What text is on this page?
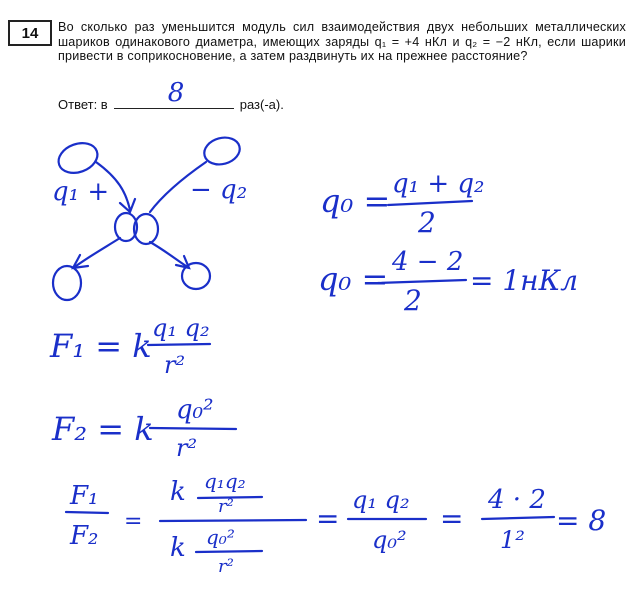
14	Во сколько раз уменьшится модуль сил взаимодействия двух небольших металлических шариков одинакового диаметра, имеющих заряды q₁ = +4 нКл и q₂ = −2 нКл, если шарики привести в соприкосновение, а затем раздвинуть их на прежнее расстояние?
Ответ: в 8	раз(-а).
q₁ +	− q₂ q₀ = q₁ + q₂
2
q₀ = 4 − 2
2
= 1нКл
F₁ = k q₁ q₂
r²
F₂ = k q₀²
r²
F₁
F₂ =
k q₁q₂
r²
k q₀²
r²
=
q₁ q₂
q₀²
=
4 · 2
1²
= 8
